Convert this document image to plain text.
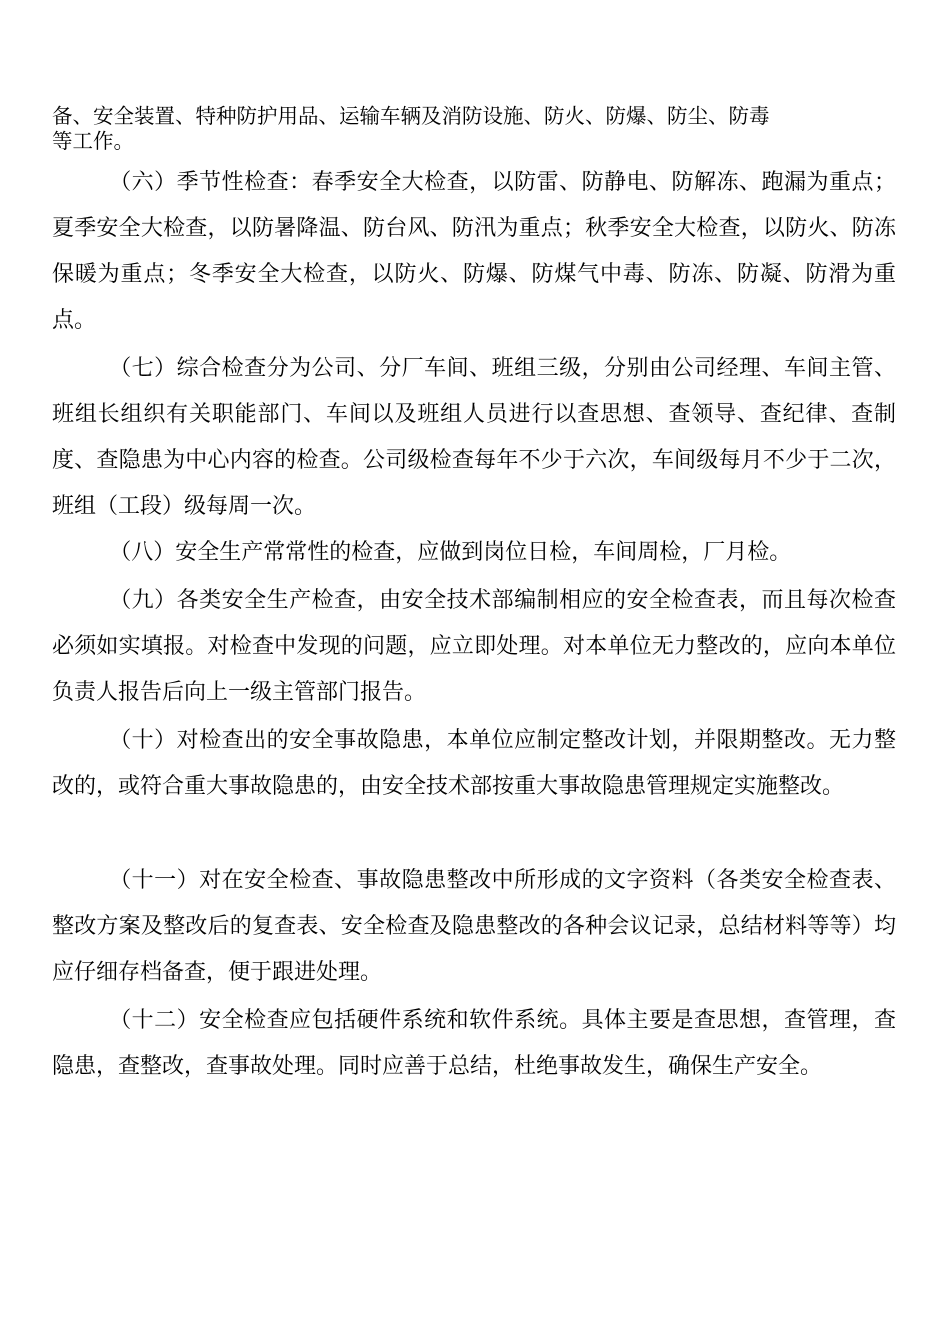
备、安全装置、特种防护用品、运输车辆及消防设施、防火、防爆、防尘、防毒

等工作。

（六）季节性检查：春季安全大检查，以防雷、防静电、防解冻、跑漏为重点；夏季安全大检查，以防暑降温、防台风、防汛为重点；秋季安全大检查，以防火、防冻保暖为重点；冬季安全大检查，以防火、防爆、防煤气中毒、防冻、防凝、防滑为重点。

（七）综合检查分为公司、分厂车间、班组三级，分别由公司经理、车间主管、班组长组织有关职能部门、车间以及班组人员进行以查思想、查领导、查纪律、查制度、查隐患为中心内容的检查。公司级检查每年不少于六次，车间级每月不少于二次，班组（工段）级每周一次。

（八）安全生产常常性的检查，应做到岗位日检，车间周检，厂月检。

（九）各类安全生产检查，由安全技术部编制相应的安全检查表，而且每次检查必须如实填报。对检查中发现的问题，应立即处理。对本单位无力整改的，应向本单位负责人报告后向上一级主管部门报告。

（十）对检查出的安全事故隐患，本单位应制定整改计划，并限期整改。无力整改的，或符合重大事故隐患的，由安全技术部按重大事故隐患管理规定实施整改。

（十一）对在安全检查、事故隐患整改中所形成的文字资料（各类安全检查表、整改方案及整改后的复查表、安全检查及隐患整改的各种会议记录，总结材料等等）均应仔细存档备查，便于跟进处理。

（十二）安全检查应包括硬件系统和软件系统。具体主要是查思想，查管理，查隐患，查整改，查事故处理。同时应善于总结，杜绝事故发生，确保生产安全。
